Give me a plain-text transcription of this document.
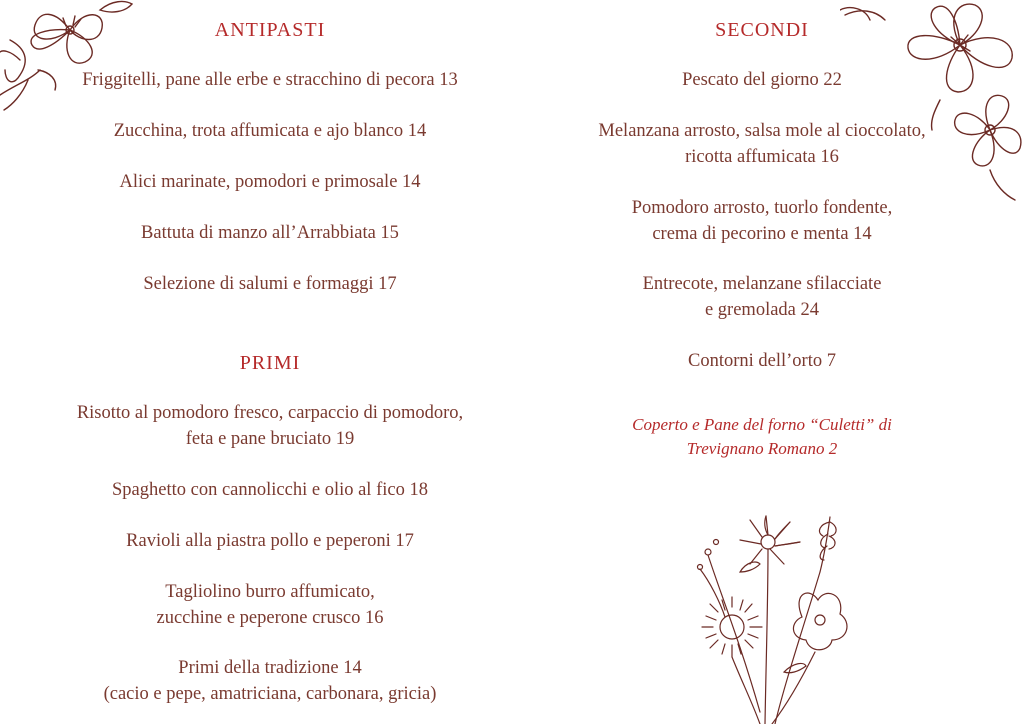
ANTIPASTI
Friggitelli, pane alle erbe e stracchino di pecora 13
Zucchina, trota affumicata e ajo blanco 14
Alici marinate, pomodori e primosale 14
Battuta di manzo all’Arrabbiata 15
Selezione di salumi e formaggi 17
PRIMI
Risotto al pomodoro fresco, carpaccio di pomodoro,
feta e pane bruciato 19
Spaghetto con cannolicchi e olio al fico 18
Ravioli alla piastra pollo e peperoni 17
Tagliolino burro affumicato,
zucchine e peperone crusco 16
Primi della tradizione 14
(cacio e pepe, amatriciana, carbonara, gricia)
SECONDI
Pescato del giorno 22
Melanzana arrosto, salsa mole al cioccolato,
ricotta affumicata 16
Pomodoro arrosto, tuorlo fondente,
crema di pecorino e menta 14
Entrecote, melanzane sfilacciate
e gremolada 24
Contorni dell’orto 7
Coperto e Pane del forno “Culetti” di
Trevignano Romano 2
